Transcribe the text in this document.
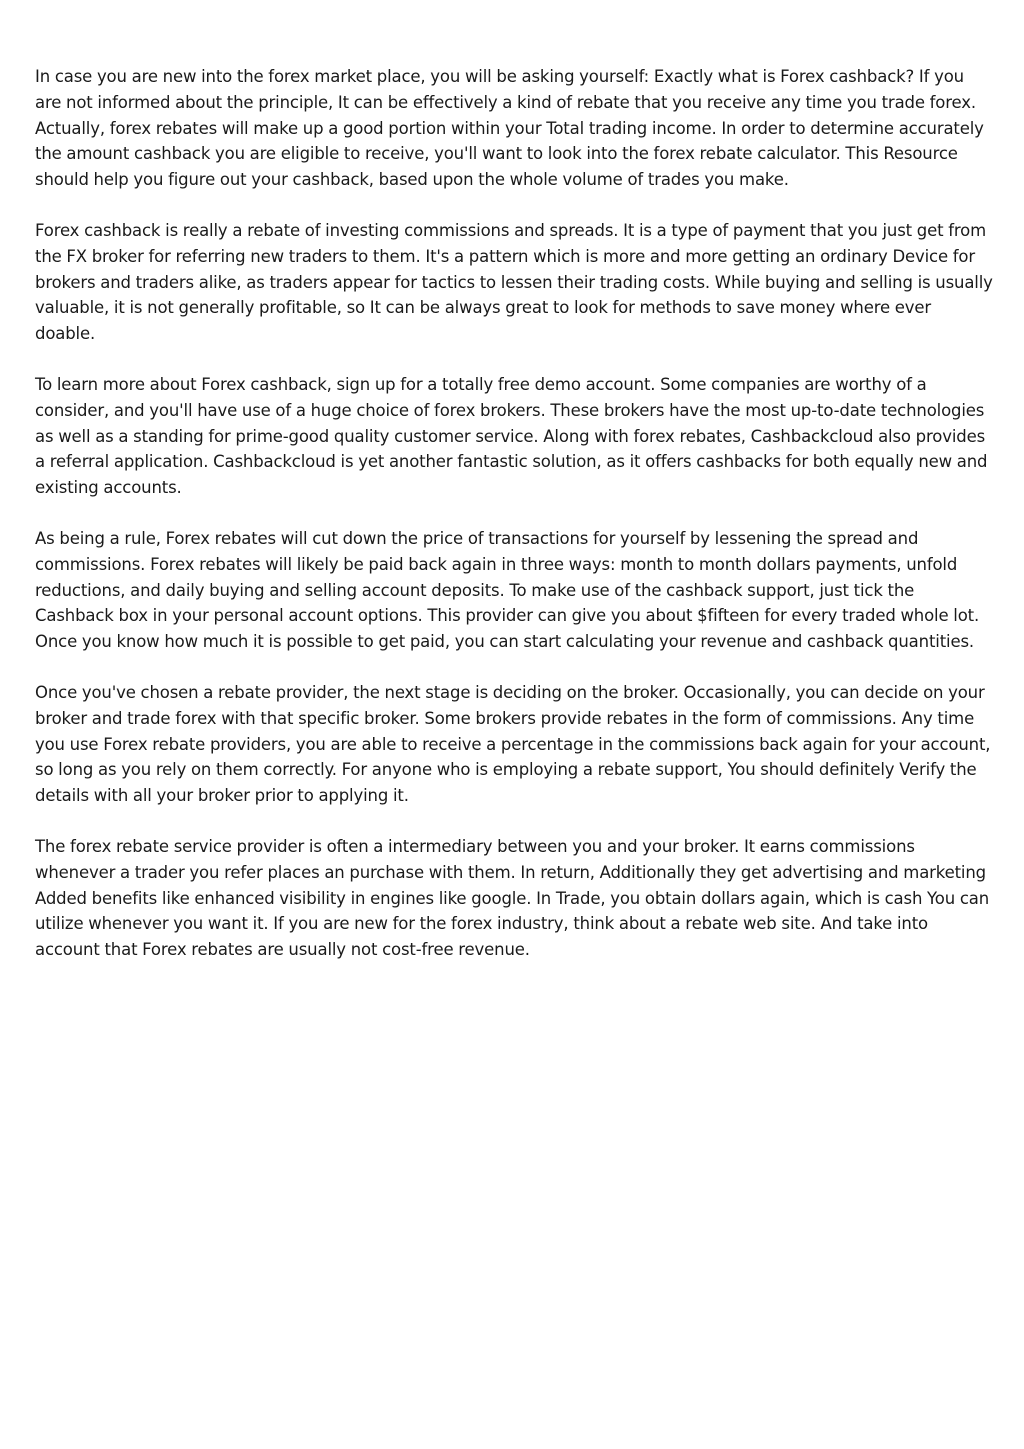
In case you are new into the forex market place, you will be asking yourself: Exactly what is Forex cashback? If you are not informed about the principle, It can be effectively a kind of rebate that you receive any time you trade forex. Actually, forex rebates will make up a good portion within your Total trading income. In order to determine accurately the amount cashback you are eligible to receive, you'll want to look into the forex rebate calculator. This Resource should help you figure out your cashback, based upon the whole volume of trades you make.

Forex cashback is really a rebate of investing commissions and spreads. It is a type of payment that you just get from the FX broker for referring new traders to them. It's a pattern which is more and more getting an ordinary Device for brokers and traders alike, as traders appear for tactics to lessen their trading costs. While buying and selling is usually valuable, it is not generally profitable, so It can be always great to look for methods to save money where ever doable.

To learn more about Forex cashback, sign up for a totally free demo account. Some companies are worthy of a consider, and you'll have use of a huge choice of forex brokers. These brokers have the most up-to-date technologies as well as a standing for prime-good quality customer service. Along with forex rebates, Cashbackcloud also provides a referral application. Cashbackcloud is yet another fantastic solution, as it offers cashbacks for both equally new and existing accounts.

As being a rule, Forex rebates will cut down the price of transactions for yourself by lessening the spread and commissions. Forex rebates will likely be paid back again in three ways: month to month dollars payments, unfold reductions, and daily buying and selling account deposits. To make use of the cashback support, just tick the Cashback box in your personal account options. This provider can give you about $fifteen for every traded whole lot. Once you know how much it is possible to get paid, you can start calculating your revenue and cashback quantities.

Once you've chosen a rebate provider, the next stage is deciding on the broker. Occasionally, you can decide on your broker and trade forex with that specific broker. Some brokers provide rebates in the form of commissions. Any time you use Forex rebate providers, you are able to receive a percentage in the commissions back again for your account, so long as you rely on them correctly. For anyone who is employing a rebate support, You should definitely Verify the details with all your broker prior to applying it.

The forex rebate service provider is often a intermediary between you and your broker. It earns commissions whenever a trader you refer places an purchase with them. In return, Additionally they get advertising and marketing Added benefits like enhanced visibility in engines like google. In Trade, you obtain dollars again, which is cash You can utilize whenever you want it. If you are new for the forex industry, think about a rebate web site. And take into account that Forex rebates are usually not cost-free revenue.
